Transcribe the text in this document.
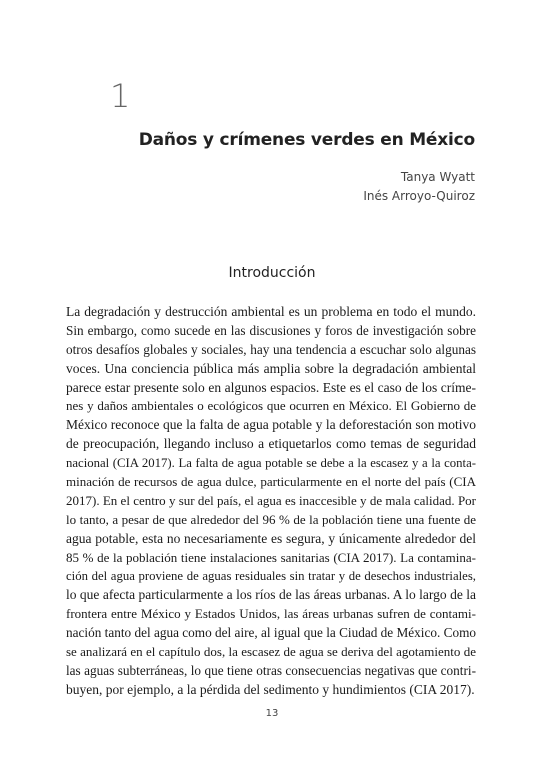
1
Daños y crímenes verdes en México
Tanya Wyatt
Inés Arroyo-Quiroz
Introducción
La degradación y destrucción ambiental es un problema en todo el mundo.
Sin embargo, como sucede en las discusiones y foros de investigación sobre
otros desafíos globales y sociales, hay una tendencia a escuchar solo algunas
voces. Una conciencia pública más amplia sobre la degradación ambiental
parece estar presente solo en algunos espacios. Este es el caso de los críme-
nes y daños ambientales o ecológicos que ocurren en México. El Gobierno de
México reconoce que la falta de agua potable y la deforestación son motivo
de preocupación, llegando incluso a etiquetarlos como temas de seguridad
nacional (CIA 2017). La falta de agua potable se debe a la escasez y a la conta-
minación de recursos de agua dulce, particularmente en el norte del país (CIA
2017). En el centro y sur del país, el agua es inaccesible y de mala calidad. Por
lo tanto, a pesar de que alrededor del 96 % de la población tiene una fuente de
agua potable, esta no necesariamente es segura, y únicamente alrededor del
85 % de la población tiene instalaciones sanitarias (CIA 2017). La contamina-
ción del agua proviene de aguas residuales sin tratar y de desechos industriales,
lo que afecta particularmente a los ríos de las áreas urbanas. A lo largo de la
frontera entre México y Estados Unidos, las áreas urbanas sufren de contami-
nación tanto del agua como del aire, al igual que la Ciudad de México. Como
se analizará en el capítulo dos, la escasez de agua se deriva del agotamiento de
las aguas subterráneas, lo que tiene otras consecuencias negativas que contri-
buyen, por ejemplo, a la pérdida del sedimento y hundimientos (CIA 2017).
13
